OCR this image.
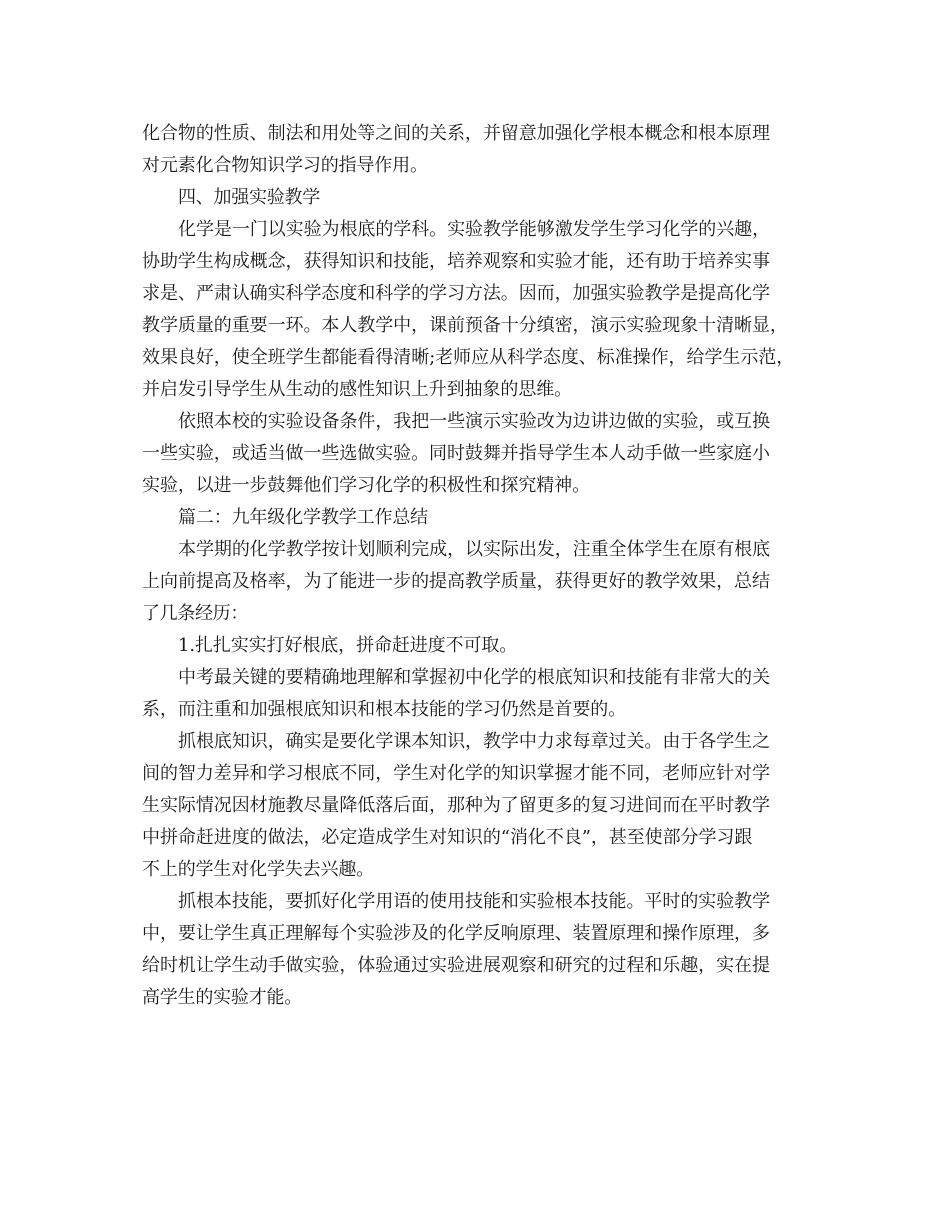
化合物的性质、制法和用处等之间的关系，并留意加强化学根本概念和根本原理
对元素化合物知识学习的指导作用。
四、加强实验教学
化学是一门以实验为根底的学科。实验教学能够激发学生学习化学的兴趣，
协助学生构成概念，获得知识和技能，培养观察和实验才能，还有助于培养实事
求是、严肃认确实科学态度和科学的学习方法。因而，加强实验教学是提高化学
教学质量的重要一环。本人教学中，课前预备十分缜密，演示实验现象十清晰显，
效果良好，使全班学生都能看得清晰;老师应从科学态度、标准操作，给学生示范，
并启发引导学生从生动的感性知识上升到抽象的思维。
依照本校的实验设备条件，我把一些演示实验改为边讲边做的实验，或互换
一些实验，或适当做一些选做实验。同时鼓舞并指导学生本人动手做一些家庭小
实验，以进一步鼓舞他们学习化学的积极性和探究精神。
篇二：九年级化学教学工作总结
本学期的化学教学按计划顺利完成，以实际出发，注重全体学生在原有根底
上向前提高及格率，为了能进一步的提高教学质量，获得更好的教学效果，总结
了几条经历：
1.扎扎实实打好根底，拼命赶进度不可取。
中考最关键的要精确地理解和掌握初中化学的根底知识和技能有非常大的关
系，而注重和加强根底知识和根本技能的学习仍然是首要的。
抓根底知识，确实是要化学课本知识，教学中力求每章过关。由于各学生之
间的智力差异和学习根底不同，学生对化学的知识掌握才能不同，老师应针对学
生实际情况因材施教尽量降低落后面，那种为了留更多的复习进间而在平时教学
中拼命赶进度的做法，必定造成学生对知识的“消化不良”，甚至使部分学习跟
不上的学生对化学失去兴趣。
抓根本技能，要抓好化学用语的使用技能和实验根本技能。平时的实验教学
中，要让学生真正理解每个实验涉及的化学反响原理、装置原理和操作原理，多
给时机让学生动手做实验，体验通过实验进展观察和研究的过程和乐趣，实在提
高学生的实验才能。
